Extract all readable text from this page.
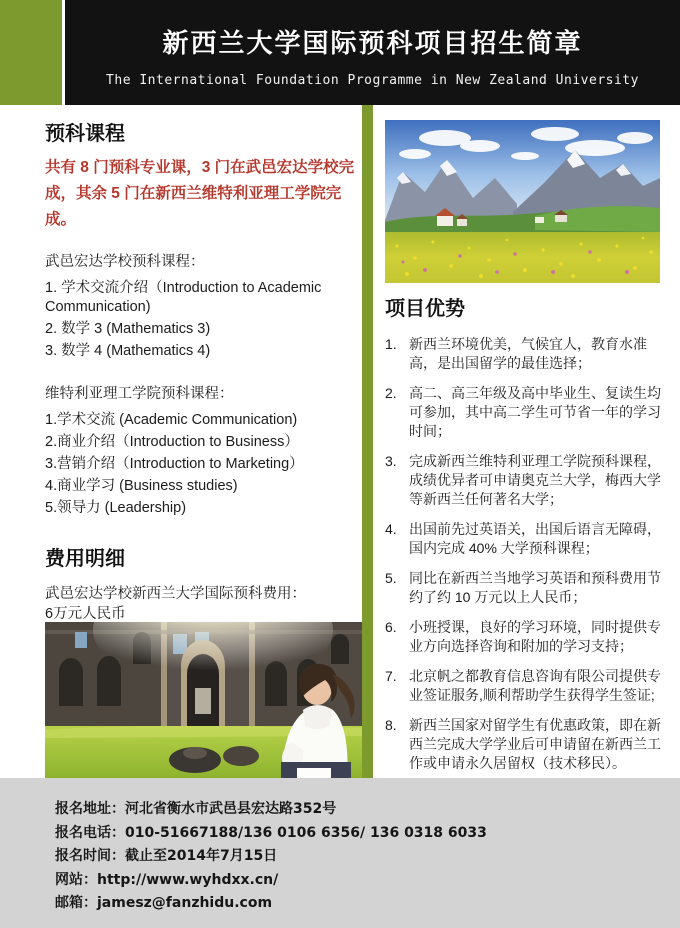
新西兰大学国际预科项目招生简章
The International Foundation Programme in New Zealand University
预科课程
共有 8 门预科专业课，3 门在武邑宏达学校完成，其余 5 门在新西兰维特利亚理工学院完成。
武邑宏达学校预科课程：
1. 学术交流介绍（Introduction to Academic Communication)
2. 数学 3 (Mathematics 3)
3. 数学 4 (Mathematics 4)
维特利亚理工学院预科课程：
1.学术交流 (Academic Communication)
2.商业介绍（Introduction to Business）
3.营销介绍（Introduction to Marketing）
4.商业学习 (Business studies)
5.领导力 (Leadership)
费用明细
武邑宏达学校新西兰大学国际预科费用：
6万元人民币
项目优势
1. 新西兰环境优美，气候宜人，教育水准高，是出国留学的最佳选择；
2. 高二、高三年级及高中毕业生、复读生均可参加，其中高二学生可节省一年的学习时间；
3. 完成新西兰维特利亚理工学院预科课程，成绩优异者可申请奥克兰大学，梅西大学等新西兰任何著名大学；
4. 出国前先过英语关，出国后语言无障碍，国内完成 40% 大学预科课程；
5. 同比在新西兰当地学习英语和预科费用节约了约 10 万元以上人民币；
6. 小班授课，良好的学习环境，同时提供专业方向选择咨询和附加的学习支持；
7. 北京帆之都教育信息咨询有限公司提供专业签证服务,顺利帮助学生获得学生签证;
8. 新西兰国家对留学生有优惠政策，即在新西兰完成大学学业后可申请留在新西兰工作或申请永久居留权（技术移民）。
报名地址：河北省衡水市武邑县宏达路352号
报名电话：010-51667188/136 0106 6356/ 136 0318 6033
报名时间：截止至2014年7月15日
网站：http://www.wyhdxx.cn/
邮箱：jamesz@fanzhidu.com
